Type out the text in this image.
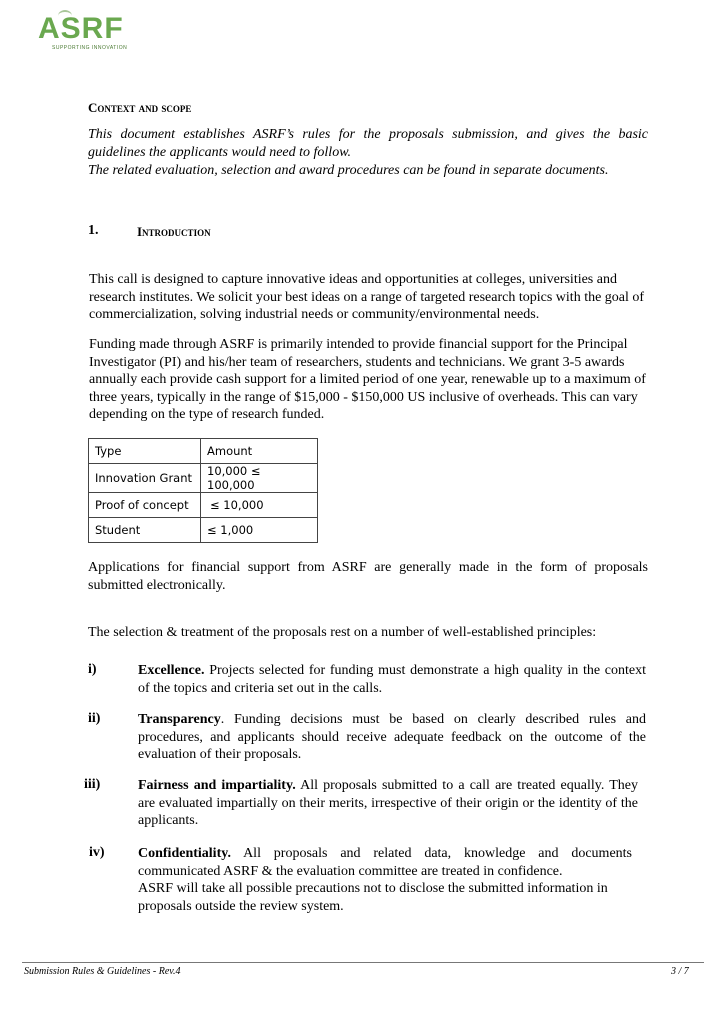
ASRF
SUPPORTING INNOVATION
Context and scope

This document establishes ASRF’s rules for the proposals submission, and gives the basic guidelines the applicants would need to follow.

The related evaluation, selection and award procedures can be found in separate documents.

1.	Introduction

This call is designed to capture innovative ideas and opportunities at colleges, universities and research institutes. We solicit your best ideas on a range of targeted research topics with the goal of commercialization, solving industrial needs or community/environmental needs.

Funding made through ASRF is primarily intended to provide financial support for the Principal Investigator (PI) and his/her team of researchers, students and technicians. We grant 3-5 awards annually each provide cash support for a limited period of one year, renewable up to a maximum of three years, typically in the range of $15,000 - $150,000 US inclusive of overheads. This can vary depending on the type of research funded.

Type	Amount
Innovation Grant	10,000 ≤ 100,000
Proof of concept	≤ 10,000
Student	≤ 1,000
Applications for financial support from ASRF are generally made in the form of proposals submitted electronically.
The selection & treatment of the proposals rest on a number of well-established principles:
i)	Excellence. Projects selected for funding must demonstrate a high quality in the context of the topics and criteria set out in the calls.
ii)	Transparency. Funding decisions must be based on clearly described rules and procedures, and applicants should receive adequate feedback on the outcome of the evaluation of their proposals.
iii)	Fairness and impartiality. All proposals submitted to a call are treated equally. They are evaluated impartially on their merits, irrespective of their origin or the identity of the applicants.
iv) Confidentiality. All proposals and related data, knowledge and documents communicated ASRF & the evaluation committee are treated in confidence.
ASRF will take all possible precautions not to disclose the submitted information in proposals outside the review system.
Submission Rules & Guidelines - Rev.4	3 / 7
